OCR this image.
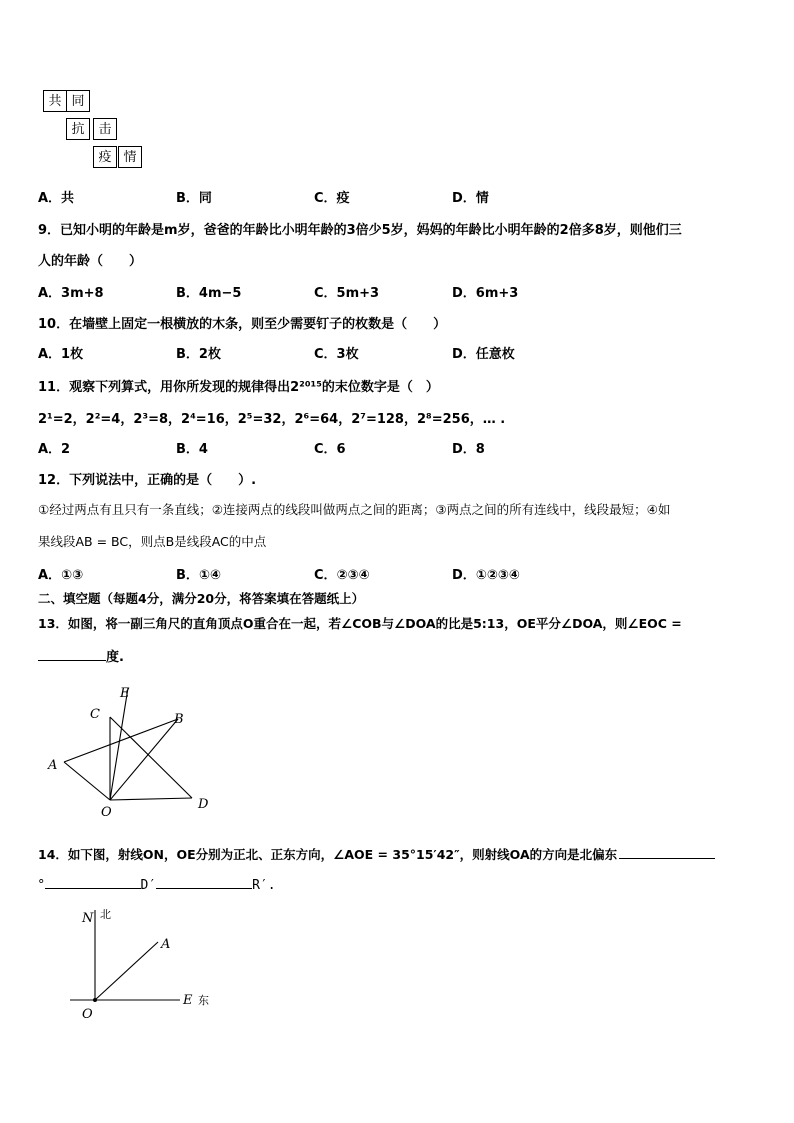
共 同
抗	击
疫 情
A．共	B．同	C．疫	D．情
9．已知小明的年龄是m岁，爸爸的年龄比小明年龄的3倍少5岁，妈妈的年龄比小明年龄的2倍多8岁，则他们三
人的年龄（　　）
A．3m+8	B．4m−5	C．5m+3	D．6m+3
10．在墙壁上固定一根横放的木条，则至少需要钉子的枚数是（　　）
A．1枚	B．2枚	C．3枚	D．任意枚
11．观察下列算式，用你所发现的规律得出2²⁰¹⁵的末位数字是（　）
2¹=2，2²=4，2³=8，2⁴=16，2⁵=32，2⁶=64，2⁷=128，2⁸=256，… .
A．2	B．4	C．6	D．8
12．下列说法中，正确的是（　　）.
①经过两点有且只有一条直线；②连接两点的线段叫做两点之间的距离；③两点之间的所有连线中，线段最短；④如
果线段AB = BC，则点B是线段AC的中点
A．①③	B．①④	C．②③④	D．①②③④
二、填空题（每题4分，满分20分，将答案填在答题纸上）
13．如图，将一副三角尺的直角顶点O重合在一起，若∠COB与∠DOA的比是5:13，OE平分∠DOA，则∠EOC =
度.
E
C	B
A
O
D
14．如下图，射线ON，OE分别为正北、正东方向，∠AOE = 35°15′42″，则射线OA的方向是北偏东
°	D′	R′.
N 北
A
E 东
O
